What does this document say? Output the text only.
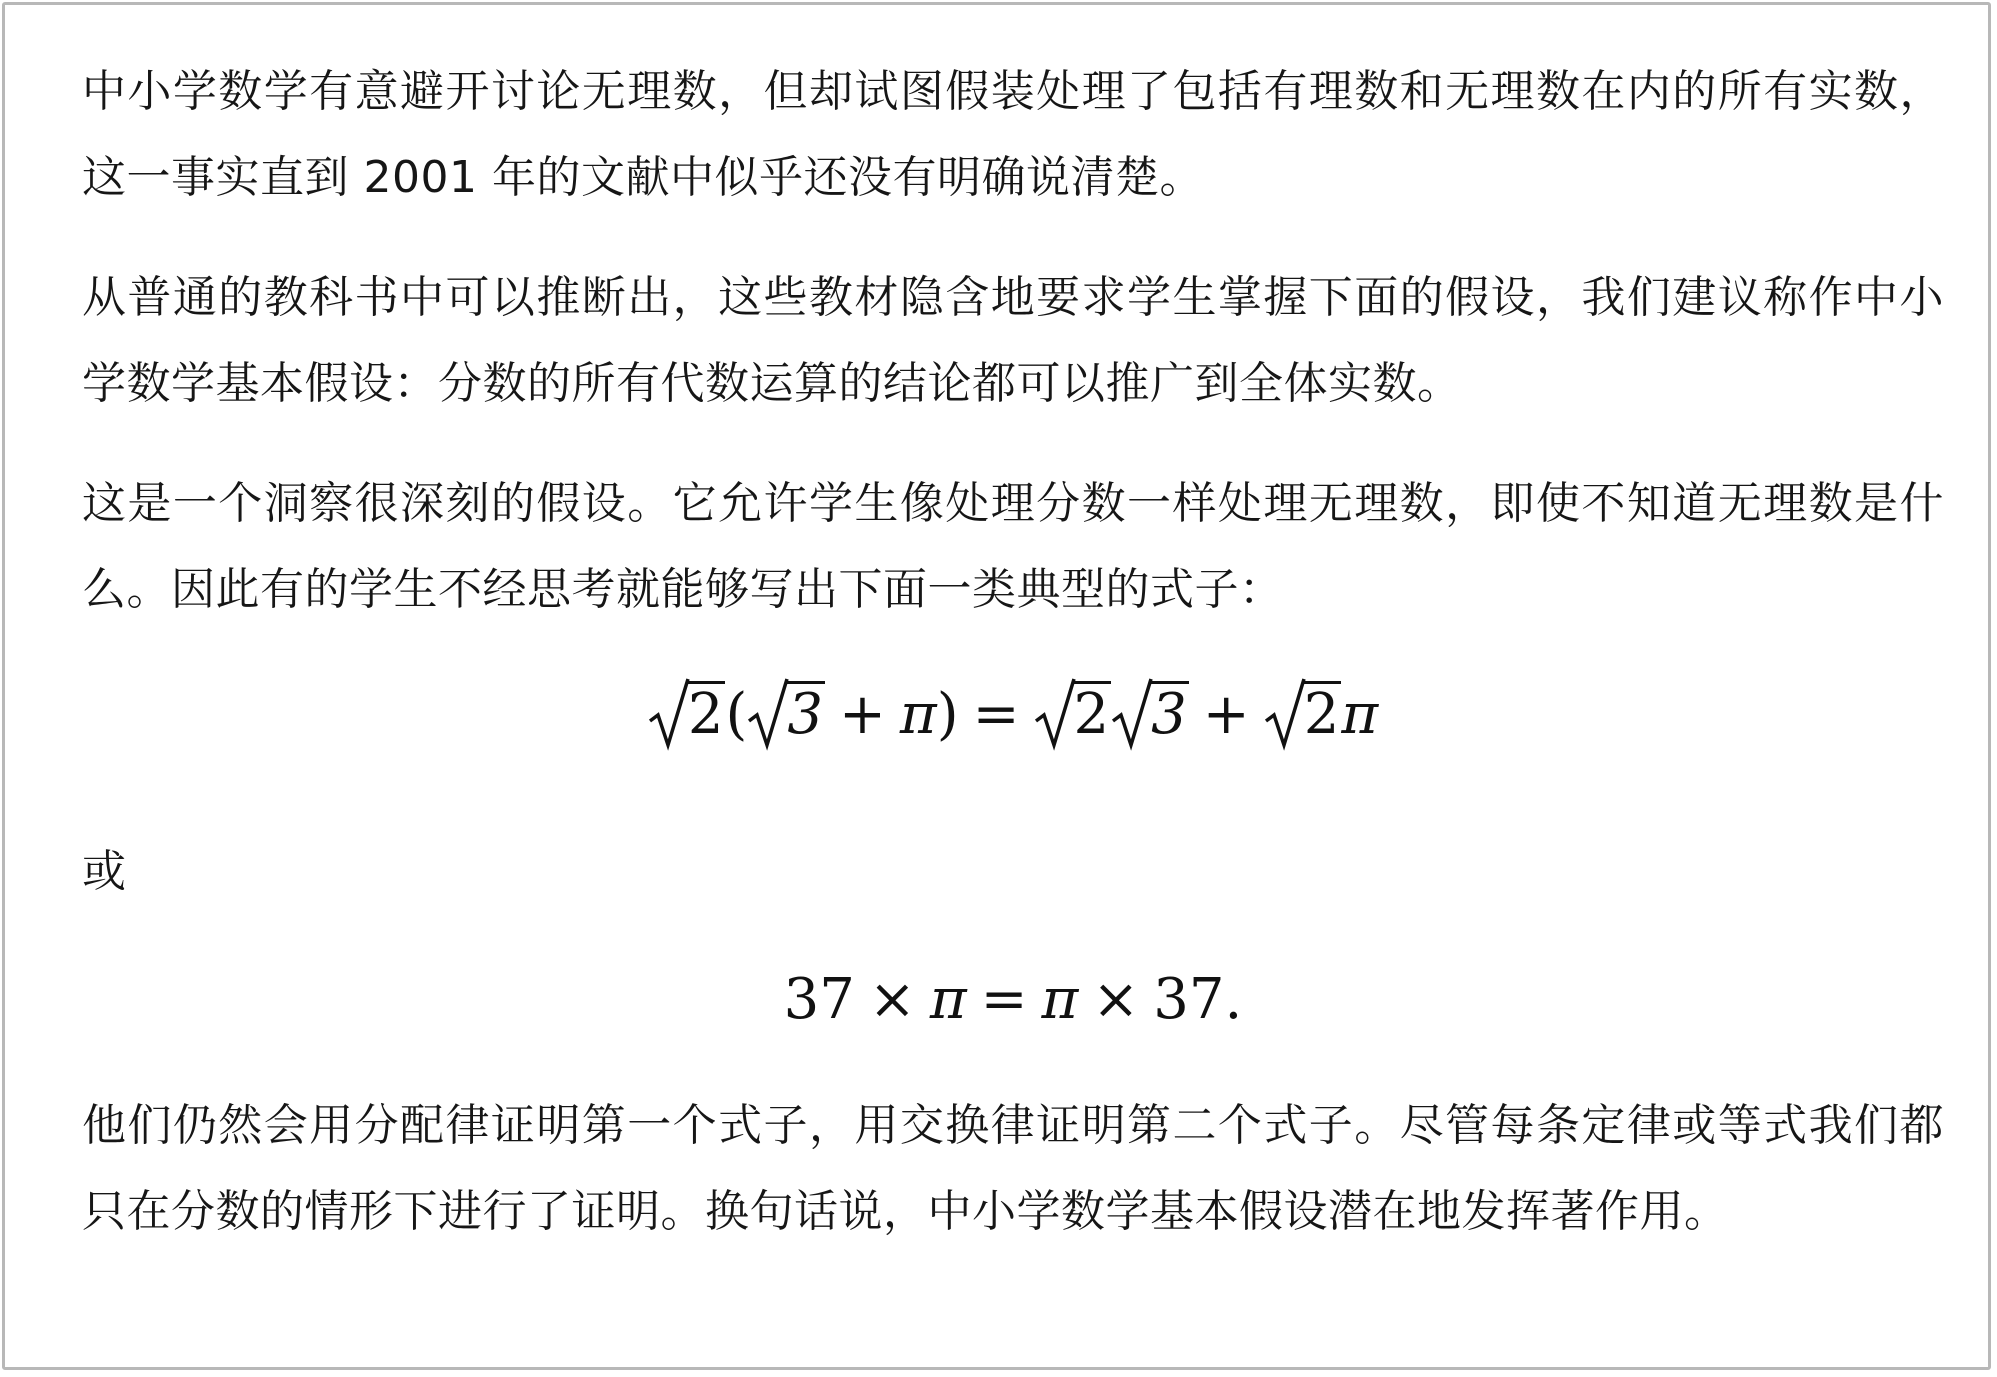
中小学数学有意避开讨论无理数，但却试图假装处理了包括有理数和无理数在内的所有实数，这一事实直到 2001 年的文献中似乎还没有明确说清楚。

从普通的教科书中可以推断出，这些教材隐含地要求学生掌握下面的假设，我们建议称作中小学数学基本假设：分数的所有代数运算的结论都可以推广到全体实数。

这是一个洞察很深刻的假设。它允许学生像处理分数一样处理无理数，即使不知道无理数是什么。因此有的学生不经思考就能够写出下面一类典型的式子：

2( 3 + π) = 2 3 + 2π

或

37 × π = π × 37.

他们仍然会用分配律证明第一个式子，用交换律证明第二个式子。尽管每条定律或等式我们都只在分数的情形下进行了证明。换句话说，中小学数学基本假设潜在地发挥著作用。
